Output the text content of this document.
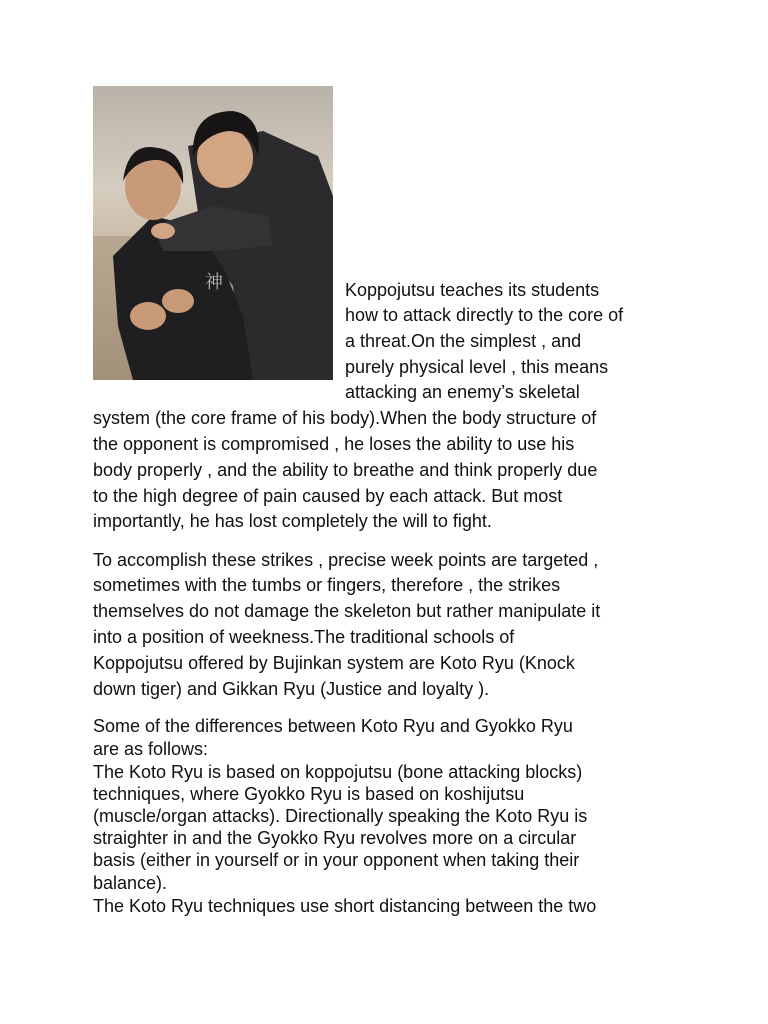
神	Koppojutsu teaches its students
how to attack directly to the core of
a threat.On the simplest , and
purely physical level , this means
attacking an enemy’s skeletal
system (the core frame of his body).When the body structure of
the opponent is compromised , he loses the ability to use his
body properly , and the ability to breathe and think properly due
to the high degree of pain caused by each attack. But most
importantly, he has lost completely the will to fight.
To accomplish these strikes , precise week points are targeted ,
sometimes with the tumbs or fingers, therefore , the strikes
themselves do not damage the skeleton but rather manipulate it
into a position of weekness.The traditional schools of
Koppojutsu offered by Bujinkan system are Koto Ryu (Knock
down tiger) and Gikkan Ryu (Justice and loyalty ).
Some of the differences between Koto Ryu and Gyokko Ryu
are as follows:
The Koto Ryu is based on koppojutsu (bone attacking blocks)
techniques, where Gyokko Ryu is based on koshijutsu
(muscle/organ attacks). Directionally speaking the Koto Ryu is
straighter in and the Gyokko Ryu revolves more on a circular
basis (either in yourself or in your opponent when taking their
balance).
The Koto Ryu techniques use short distancing between the two
